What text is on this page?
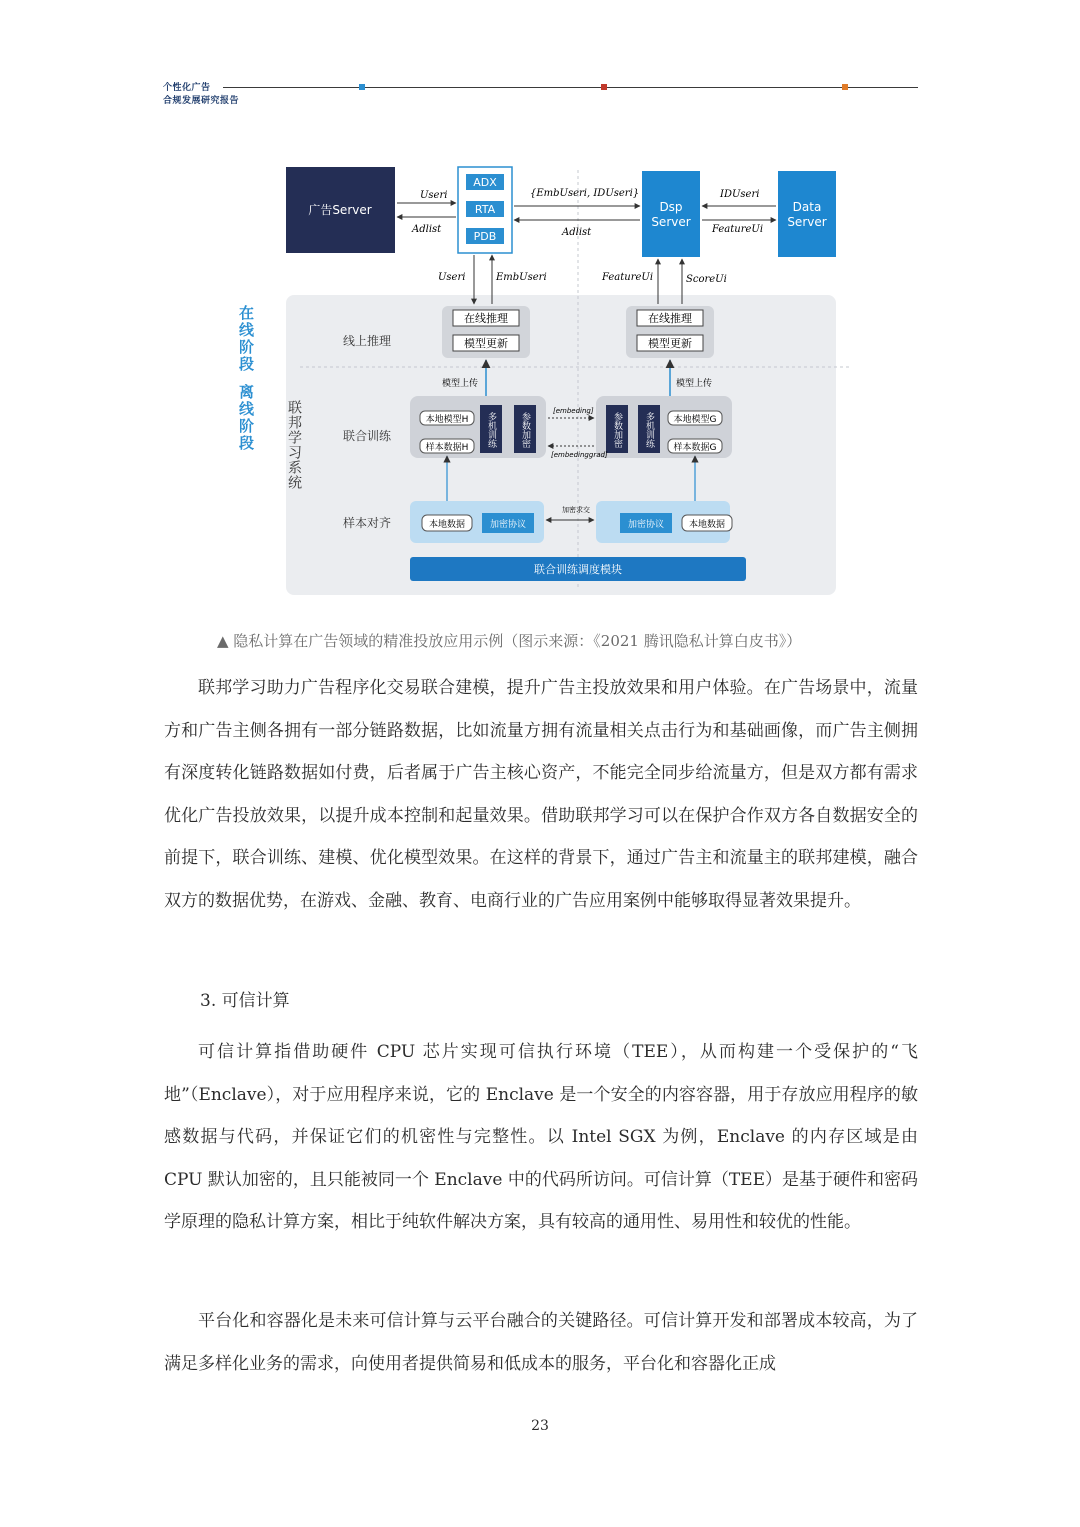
个性化广告
合规发展研究报告
广告Server
ADX
RTA
PDB
Dsp
Server
Data
Server
Useri
Adlist
{EmbUseri, IDUseri}
Adlist
IDUseri
FeatureUi
Useri	EmbUseri	FeatureUi	ScoreUi
在线阶段
离线阶段 联邦学习系统
线上推理
联合训练
样本对齐
在线推理
模型更新
在线推理
模型更新
模型上传	模型上传
本地模型H
样本数据H 多机训练	参数加密	参数加密 多机训练 本地模型G
样本数据G
[embeding]
[embedinggrad]
本地数据	加密协议	加密协议	本地数据
加密求交
联合训练调度模块
▲ 隐私计算在广告领域的精准投放应用示例（图示来源：《2021 腾讯隐私计算白皮书》）

联邦学习助力广告程序化交易联合建模，提升广告主投放效果和用户体验。在广告场景中，流量方和广告主侧各拥有一部分链路数据，比如流量方拥有流量相关点击行为和基础画像，而广告主侧拥有深度转化链路数据如付费，后者属于广告主核心资产，不能完全同步给流量方，但是双方都有需求优化广告投放效果，以提升成本控制和起量效果。借助联邦学习可以在保护合作双方各自数据安全的前提下，联合训练、建模、优化模型效果。在这样的背景下，通过广告主和流量主的联邦建模，融合双方的数据优势，在游戏、金融、教育、电商行业的广告应用案例中能够取得显著效果提升。

3. 可信计算

可信计算指借助硬件 CPU 芯片实现可信执行环境（TEE），从而构建一个受保护的“飞地”（Enclave），对于应用程序来说，它的 Enclave 是一个安全的内容容器，用于存放应用程序的敏感数据与代码，并保证它们的机密性与完整性。以 Intel SGX 为例，Enclave 的内存区域是由 CPU 默认加密的，且只能被同一个 Enclave 中的代码所访问。可信计算（TEE）是基于硬件和密码学原理的隐私计算方案，相比于纯软件解决方案，具有较高的通用性、易用性和较优的性能。

平台化和容器化是未来可信计算与云平台融合的关键路径。可信计算开发和部署成本较高，为了满足多样化业务的需求，向使用者提供简易和低成本的服务，平台化和容器化正成

23
